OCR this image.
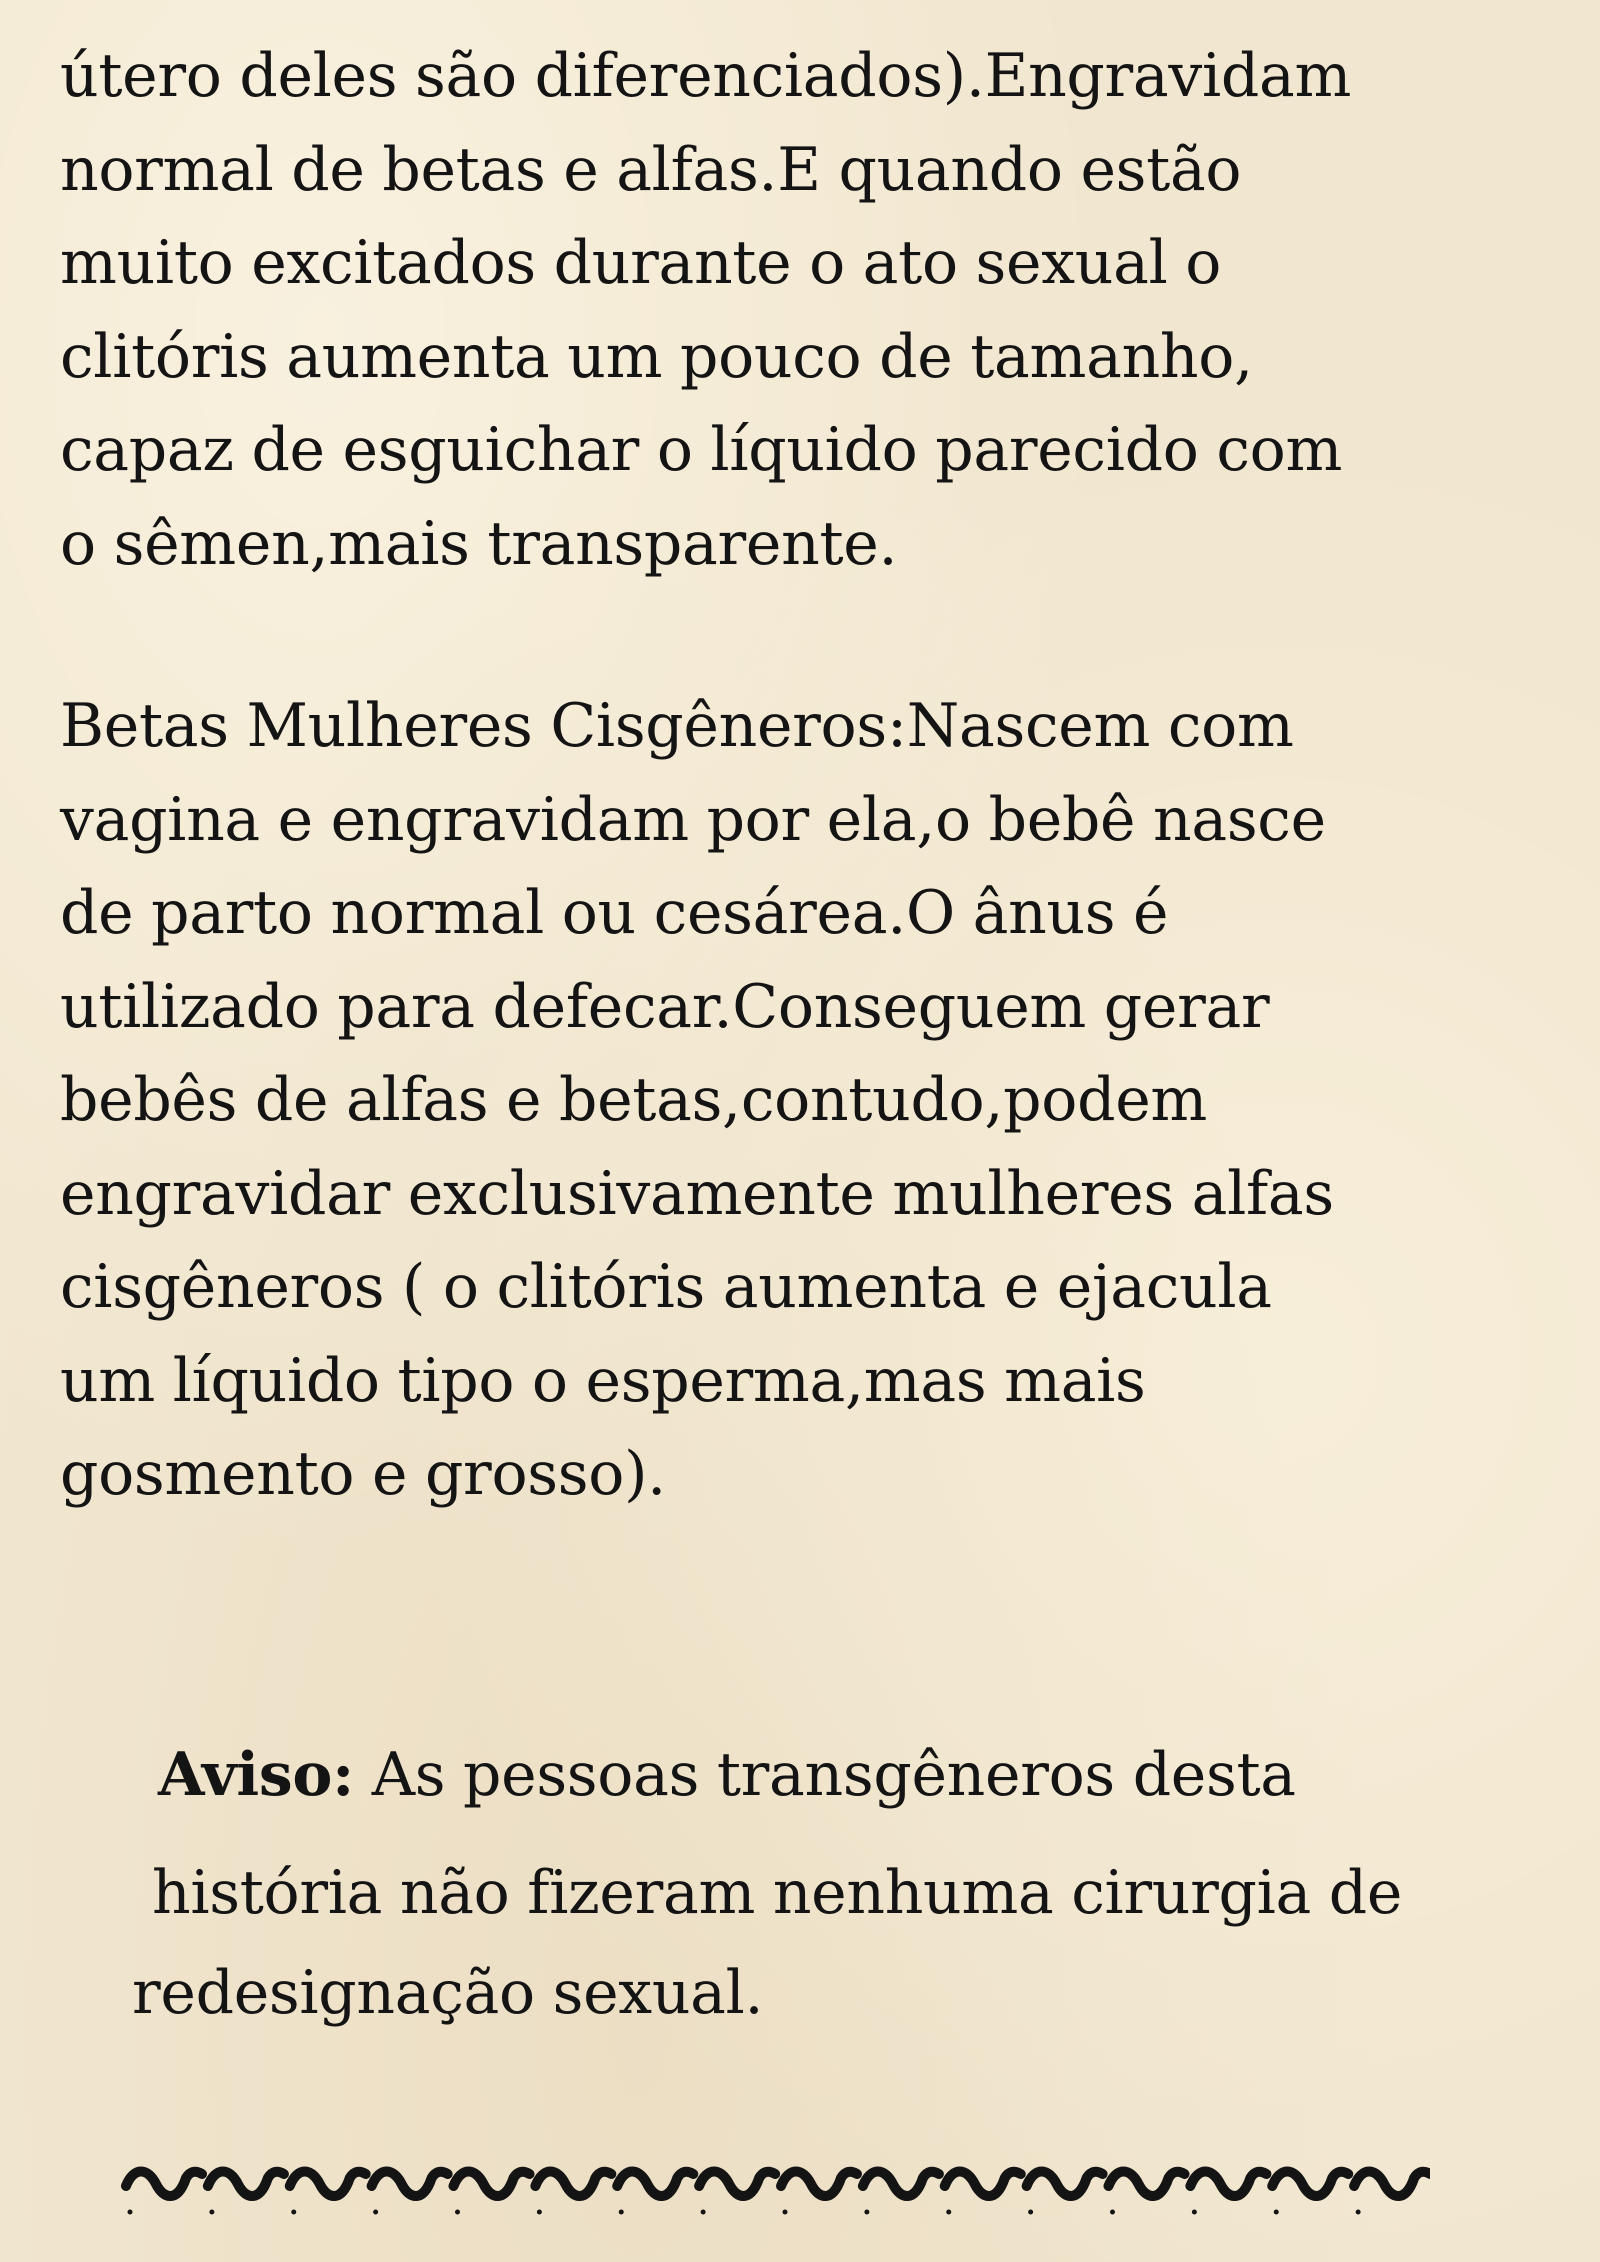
útero deles são diferenciados).Engravidam
normal de betas e alfas.E quando estão
muito excitados durante o ato sexual o
clitóris aumenta um pouco de tamanho,
capaz de esguichar o líquido parecido com
o sêmen,mais transparente.

Betas Mulheres Cisgêneros:Nascem com
vagina e engravidam por ela,o bebê nasce
de parto normal ou cesárea.O ânus é
utilizado para defecar.Conseguem gerar
bebês de alfas e betas,contudo,podem
engravidar exclusivamente mulheres alfas
cisgêneros ( o clitóris aumenta e ejacula
um líquido tipo o esperma,mas mais
gosmento e grosso).

Aviso: As pessoas transgêneros desta
história não fizeram nenhuma cirurgia de
redesignação sexual.
